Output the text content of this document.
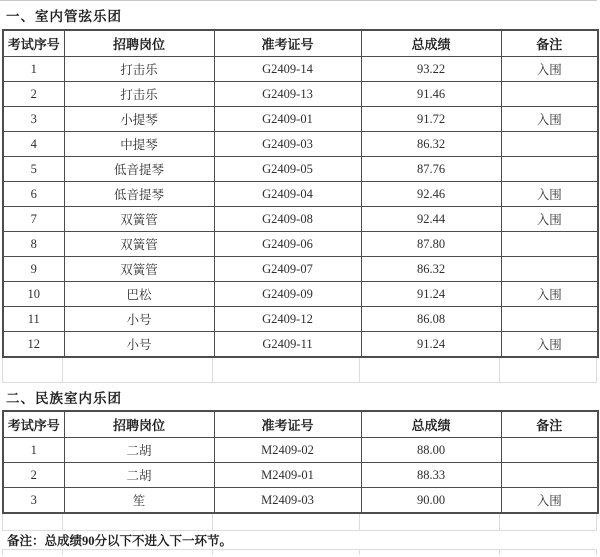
一、室内管弦乐团
考试序号	招聘岗位	准考证号	总成绩	备注
1	打击乐	G2409-14	93.22	入围
2	打击乐	G2409-13	91.46	
3	小提琴	G2409-01	91.72	入围
4	中提琴	G2409-03	86.32	
5	低音提琴	G2409-05	87.76	
6	低音提琴	G2409-04	92.46	入围
7	双簧管	G2409-08	92.44	入围
8	双簧管	G2409-06	87.80	
9	双簧管	G2409-07	86.32	
10	巴松	G2409-09	91.24	入围
11	小号	G2409-12	86.08	
12	小号	G2409-11	91.24	入围
二、民族室内乐团
考试序号	招聘岗位	准考证号	总成绩	备注
1	二胡	M2409-02	88.00	
2	二胡	M2409-01	88.33	
3	笙	M2409-03	90.00	入围
备注：总成绩90分以下不进入下一环节。
